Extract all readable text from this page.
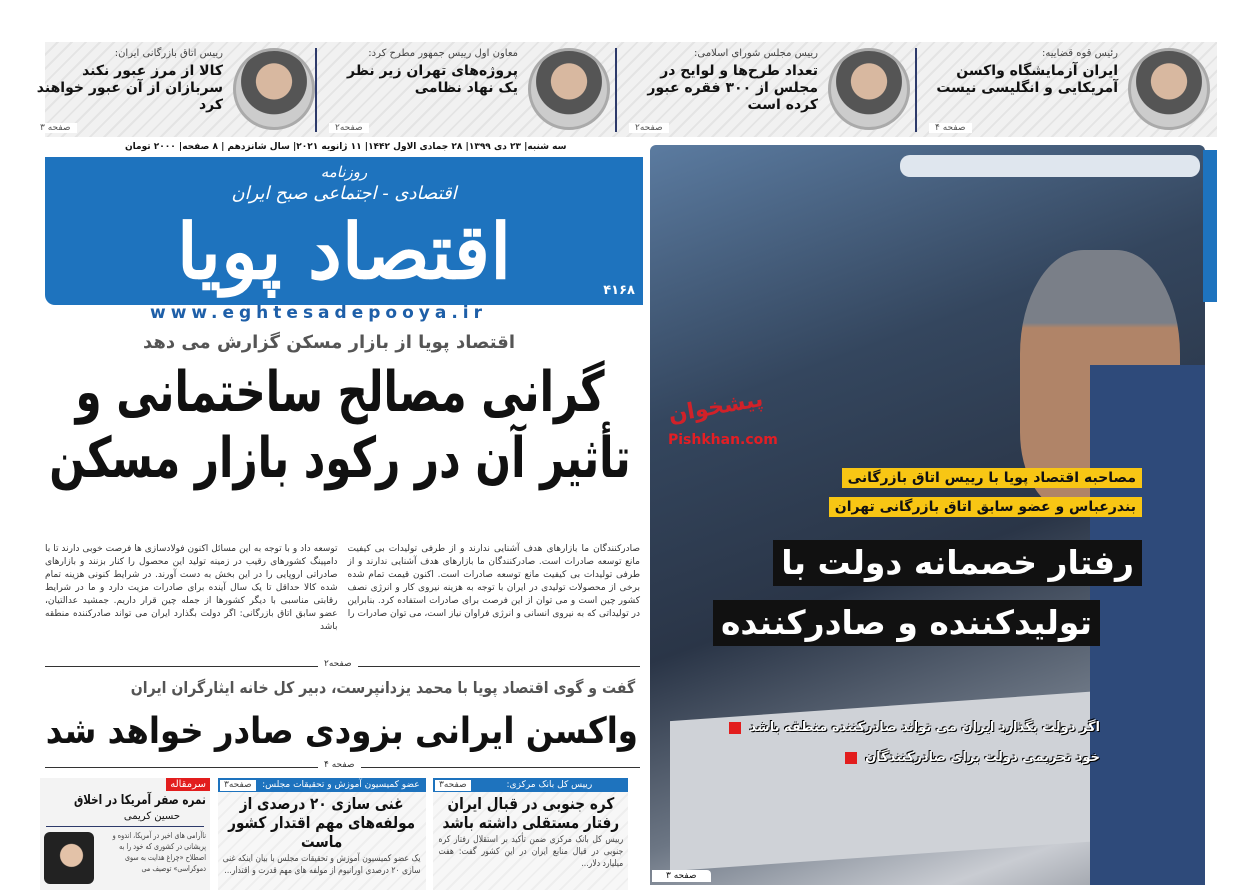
رئیس قوه قضاییه:
ایران آزمایشگاه واکسن آمریکایی و انگلیسی نیست
صفحه ۴
رییس مجلس شورای اسلامی:
تعداد طرح‌ها و لوایح در مجلس از ۳۰۰ فقره عبور کرده است
صفحه۲
معاون اول رییس جمهور مطرح کرد:
پروژه‌های تهران زیر نظر یک نهاد نظامی
صفحه۲
رییس اتاق بازرگانی ایران:
کالا از مرز عبور نکند سربازان از آن عبور خواهند کرد
صفحه ۳
سه شنبه| ۲۳ دی ۱۳۹۹| ۲۸ جمادی الاول ۱۴۴۲| ۱۱ ژانویه ۲۰۲۱| سال شانزدهم | ۸ صفحه| ۲۰۰۰ تومان
روزنامه
اقتصادی - اجتماعی صبح ایران
اقتصاد پویا	۴۱۶۸
www.eghtesadepooya.ir
اقتصاد پویا از بازار مسکن گزارش می دهد
گرانی مصالح ساختمانی و تأثیر آن در رکود بازار مسکن

صادرکنندگان ما بازارهای هدف آشنایی ندارند و از طرفی تولیدات بی کیفیت مانع توسعه صادرات است. صادرکنندگان ما بازارهای هدف آشنایی ندارند و از طرفی تولیدات بی کیفیت مانع توسعه صادرات است. اکنون قیمت تمام شده برخی از محصولات تولیدی در ایران با توجه به هزینه نیروی کار و انرژی نصف کشور چین است و می توان از این فرصت برای صادرات استفاده کرد. بنابراین در تولیداتی که به نیروی انسانی و انرژی فراوان نیاز است، می توان صادرات را

توسعه داد و با توجه به این مسائل اکنون فولادسازی ها فرصت خوبی دارند تا با دامپینگ کشورهای رقیب در زمینه تولید این محصول را کنار بزنند و بازارهای صادراتی اروپایی را در این بخش به دست آورند. در شرایط کنونی هزینه تمام شده کالا حداقل تا یک سال آینده برای صادرات مزیت دارد و ما در شرایط رقابتی مناسبی با دیگر کشورها از جمله چین قرار داریم. جمشید عدالتیان، عضو سابق اتاق بازرگانی: اگر دولت بگذارد ایران می تواند صادرکننده منطقه باشد

صفحه۲
گفت و گوی اقتصاد پویا با محمد یزدانپرست، دبیر کل خانه ایثارگران ایران
واکسن ایرانی بزودی صادر خواهد شد
صفحه ۴
رییس کل بانک مرکزی:
صفحه۳
کره جنوبی در قبال ایران رفتار مستقلی داشته باشد
رییس کل بانک مرکزی ضمن تأکید بر استقلال رفتار کره جنوبی در قبال منابع ایران در این کشور گفت: هفت میلیارد دلار...
عضو کمیسیون آموزش و تحقیقات مجلس:
صفحه۳
غنی سازی ۲۰ درصدی از مولفه‌های مهم اقتدار کشور ماست
یک عضو کمیسیون آموزش و تحقیقات مجلس با بیان اینکه غنی سازی ۲۰ درصدی اورانیوم از مولفه های مهم قدرت و اقتدار...
سرمقاله
نمره صفر آمریکا در اخلاق
حسین کریمی
ناآرامی های اخیر در آمریکا، اندوه و پریشانی در کشوری که خود را به اصطلاح «چراغ هدایت به سوی دموکراسی» توصیف می
مصاحبه اقتصاد پویا با رییس اتاق بازرگانی
بندرعباس و عضو سابق اتاق بازرگانی تهران
رفتار خصمانه دولت با
تولیدکننده و صادرکننده
اگر دولت بگذارد ایران می تواند صادرکننده منطقه باشد
خود تحریمی دولت برای صادرکنندگان
صفحه ۳
پیشخوان
Pishkhan.com
